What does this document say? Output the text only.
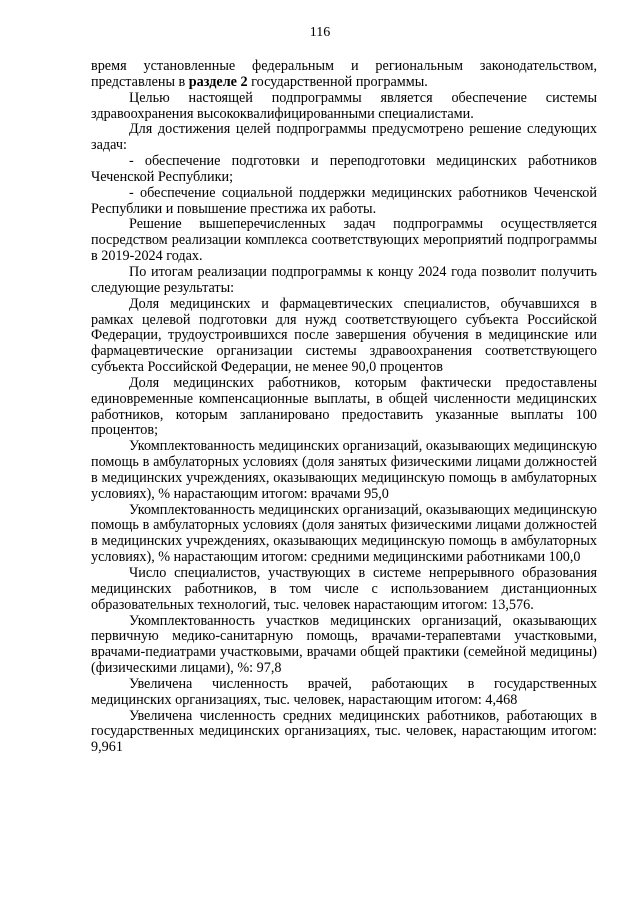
116

время установленные федеральным и региональным законодательством, представлены в разделе 2 государственной программы.

Целью настоящей подпрограммы является обеспечение системы здравоохранения высококвалифицированными специалистами.

Для достижения целей подпрограммы предусмотрено решение следующих задач:

- обеспечение подготовки и переподготовки медицинских работников Чеченской Республики;

- обеспечение социальной поддержки медицинских работников Чеченской Республики и повышение престижа их работы.

Решение вышеперечисленных задач подпрограммы осуществляется посредством реализации комплекса соответствующих мероприятий подпрограммы в 2019-2024 годах.

По итогам реализации подпрограммы к концу 2024 года позволит получить следующие результаты:

Доля медицинских и фармацевтических специалистов, обучавшихся в рамках целевой подготовки для нужд соответствующего субъекта Российской Федерации, трудоустроившихся после завершения обучения в медицинские или фармацевтические организации системы здравоохранения соответствующего субъекта Российской Федерации, не менее 90,0 процентов

Доля медицинских работников, которым фактически предоставлены единовременные компенсационные выплаты, в общей численности медицинских работников, которым запланировано предоставить указанные выплаты 100 процентов;

Укомплектованность медицинских организаций, оказывающих медицинскую помощь в амбулаторных условиях (доля занятых физическими лицами должностей в медицинских учреждениях, оказывающих медицинскую помощь в амбулаторных условиях), % нарастающим итогом: врачами 95,0

Укомплектованность медицинских организаций, оказывающих медицинскую помощь в амбулаторных условиях (доля занятых физическими лицами должностей в медицинских учреждениях, оказывающих медицинскую помощь в амбулаторных условиях), % нарастающим итогом: средними медицинскими работниками 100,0

Число специалистов, участвующих в системе непрерывного образования медицинских работников, в том числе с использованием дистанционных образовательных технологий, тыс. человек нарастающим итогом: 13,576.

Укомплектованность участков медицинских организаций, оказывающих первичную медико-санитарную помощь, врачами-терапевтами участковыми, врачами-педиатрами участковыми, врачами общей практики (семейной медицины) (физическими лицами), %: 97,8

Увеличена численность врачей, работающих в государственных медицинских организациях, тыс. человек, нарастающим итогом: 4,468

Увеличена численность средних медицинских работников, работающих в государственных медицинских организациях, тыс. человек, нарастающим итогом: 9,961
